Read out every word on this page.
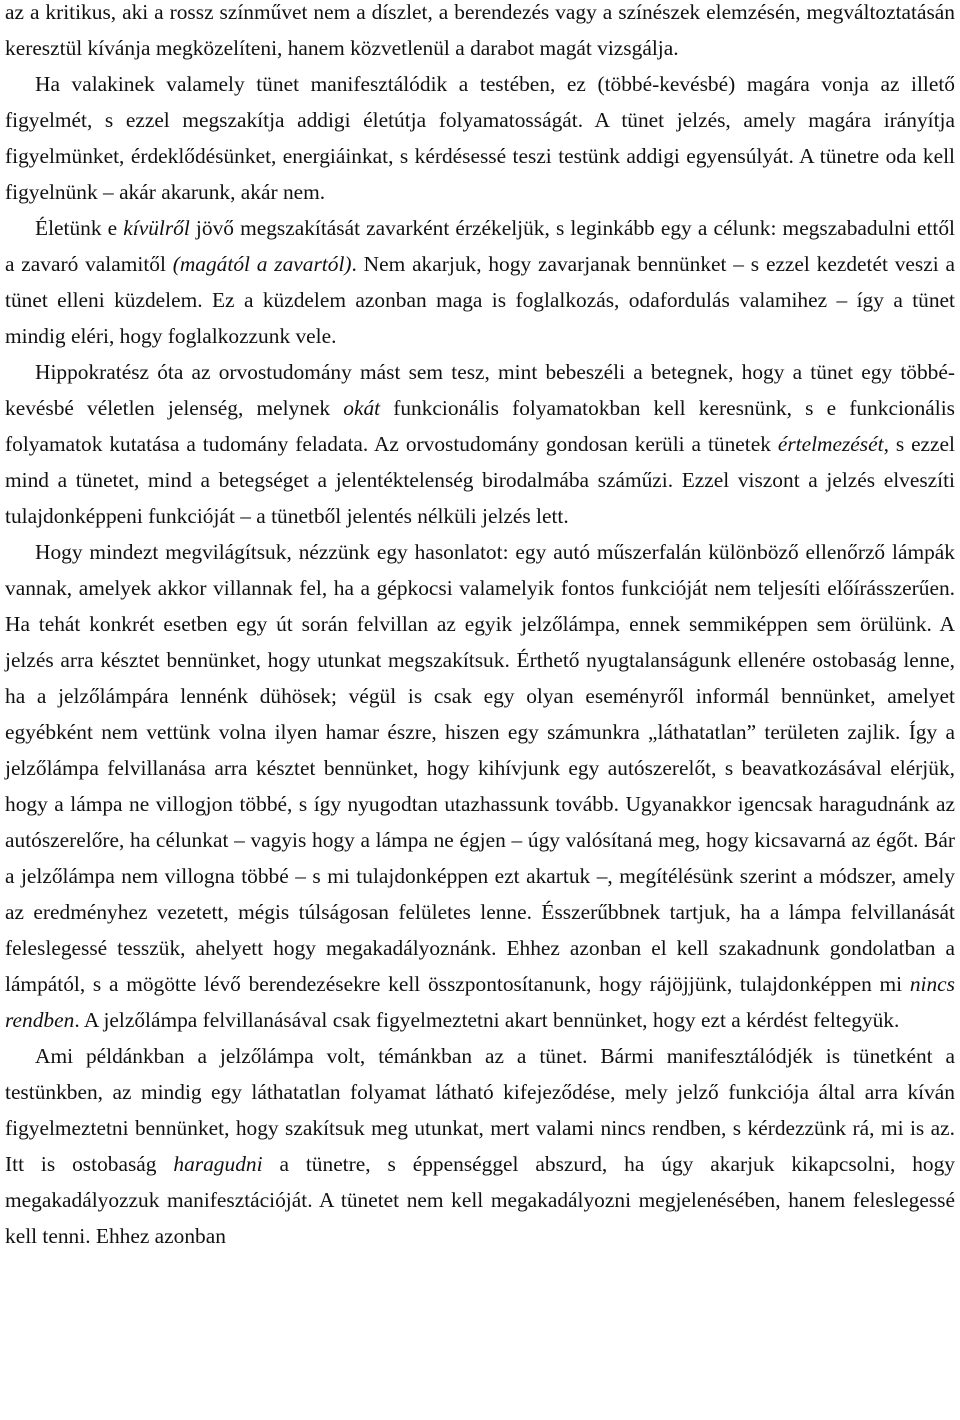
az a kritikus, aki a rossz színművet nem a díszlet, a berendezés vagy a színészek elemzésén, megváltoztatásán keresztül kívánja megközelíteni, hanem közvetlenül a darabot magát vizsgálja.

Ha valakinek valamely tünet manifesztálódik a testében, ez (többé-kevésbé) magára vonja az illető figyelmét, s ezzel megszakítja addigi életútja folyamatosságát. A tünet jelzés, amely magára irányítja figyelmünket, érdeklődésünket, energiáinkat, s kérdésessé teszi testünk addigi egyensúlyát. A tünetre oda kell figyelnünk – akár akarunk, akár nem.

Életünk e kívülről jövő megszakítását zavarként érzékeljük, s leginkább egy a célunk: megszabadulni ettől a zavaró valamitől (magától a zavartól). Nem akarjuk, hogy zavarjanak bennünket – s ezzel kezdetét veszi a tünet elleni küzdelem. Ez a küzdelem azonban maga is foglalkozás, odafordulás valamihez – így a tünet mindig eléri, hogy foglalkozzunk vele.

Hippokratész óta az orvostudomány mást sem tesz, mint bebeszéli a betegnek, hogy a tünet egy többé-kevésbé véletlen jelenség, melynek okát funkcionális folyamatokban kell keresnünk, s e funkcionális folyamatok kutatása a tudomány feladata. Az orvostudomány gondosan kerüli a tünetek értelmezését, s ezzel mind a tünetet, mind a betegséget a jelentéktelenség birodalmába száműzi. Ezzel viszont a jelzés elveszíti tulajdonképpeni funkcióját – a tünetből jelentés nélküli jelzés lett.

Hogy mindezt megvilágítsuk, nézzünk egy hasonlatot: egy autó műszerfalán különböző ellenőrző lámpák vannak, amelyek akkor villannak fel, ha a gépkocsi valamelyik fontos funkcióját nem teljesíti előírásszerűen. Ha tehát konkrét esetben egy út során felvillan az egyik jelzőlámpa, ennek semmiképpen sem örülünk. A jelzés arra késztet bennünket, hogy utunkat megszakítsuk. Érthető nyugtalanságunk ellenére ostobaság lenne, ha a jelzőlámpára lennénk dühösek; végül is csak egy olyan eseményről informál bennünket, amelyet egyébként nem vettünk volna ilyen hamar észre, hiszen egy számunkra „láthatatlan” területen zajlik. Így a jelzőlámpa felvillanása arra késztet bennünket, hogy kihívjunk egy autószerelőt, s beavatkozásával elérjük, hogy a lámpa ne villogjon többé, s így nyugodtan utazhassunk tovább. Ugyanakkor igencsak haragudnánk az autószerelőre, ha célunkat – vagyis hogy a lámpa ne égjen – úgy valósítaná meg, hogy kicsavarná az égőt. Bár a jelzőlámpa nem villogna többé – s mi tulajdonképpen ezt akartuk –, megítélésünk szerint a módszer, amely az eredményhez vezetett, mégis túlságosan felületes lenne. Ésszerűbbnek tartjuk, ha a lámpa felvillanását feleslegessé tesszük, ahelyett hogy megakadályoznánk. Ehhez azonban el kell szakadnunk gondolatban a lámpától, s a mögötte lévő berendezésekre kell összpontosítanunk, hogy rájöjjünk, tulajdonképpen mi nincs rendben. A jelzőlámpa felvillanásával csak figyelmeztetni akart bennünket, hogy ezt a kérdést feltegyük.

Ami példánkban a jelzőlámpa volt, témánkban az a tünet. Bármi manifesztálódjék is tünetként a testünkben, az mindig egy láthatatlan folyamat látható kifejeződése, mely jelző funkciója által arra kíván figyelmeztetni bennünket, hogy szakítsuk meg utunkat, mert valami nincs rendben, s kérdezzünk rá, mi is az. Itt is ostobaság haragudni a tünetre, s éppenséggel abszurd, ha úgy akarjuk kikapcsolni, hogy megakadályozzuk manifesztációját. A tünetet nem kell megakadályozni megjelenésében, hanem feleslegessé kell tenni. Ehhez azonban
